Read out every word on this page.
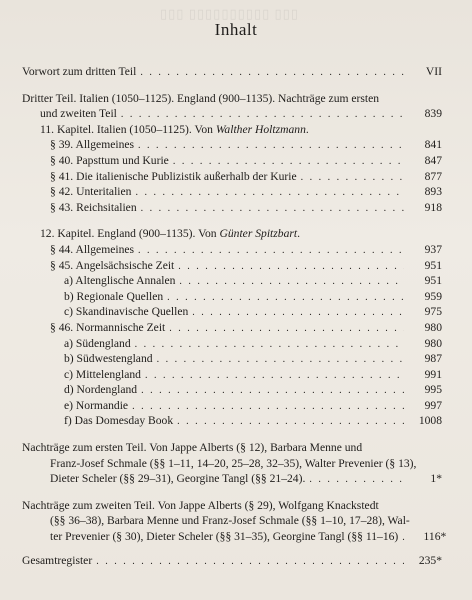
▯▯▯ ▯▯▯▯▯▯▯▯▯▯ ▯▯▯
Inhalt
Vorwort zum dritten Teil . . .	VII
Dritter Teil. Italien (1050–1125). England (900–1135). Nachträge zum ersten
und zweiten Teil . . .	839
11. Kapitel. Italien (1050–1125). Von Walther Holtzmann.
§ 39. Allgemeines . . .	841
§ 40. Papsttum und Kurie . . .	847
§ 41. Die italienische Publizistik außerhalb der Kurie . . .	877
§ 42. Unteritalien . . .	893
§ 43. Reichsitalien . . .	918
12. Kapitel. England (900–1135). Von Günter Spitzbart.
§ 44. Allgemeines . . .	937
§ 45. Angelsächsische Zeit . . .	951
a) Altenglische Annalen . . .	951
b) Regionale Quellen . . .	959
c) Skandinavische Quellen . . .	975
§ 46. Normannische Zeit . . .	980
a) Südengland . . .	980
b) Südwestengland . . .	987
c) Mittelengland . . .	991
d) Nordengland . . .	995
e) Normandie . . .	997
f) Das Domesday Book . . .	1008
Nachträge zum ersten Teil. Von Jappe Alberts (§ 12), Barbara Menne und
Franz-Josef Schmale (§§ 1–11, 14–20, 25–28, 32–35), Walter Prevenier (§ 13),
Dieter Scheler (§§ 29–31), Georgine Tangl (§§ 21–24). . . .	1*
Nachträge zum zweiten Teil. Von Jappe Alberts (§ 29), Wolfgang Knackstedt
(§§ 36–38), Barbara Menne und Franz-Josef Schmale (§§ 1–10, 17–28), Wal-
ter Prevenier (§ 30), Dieter Scheler (§§ 31–35), Georgine Tangl (§§ 11–16) . . .	116*
Gesamtregister . . .	235*
